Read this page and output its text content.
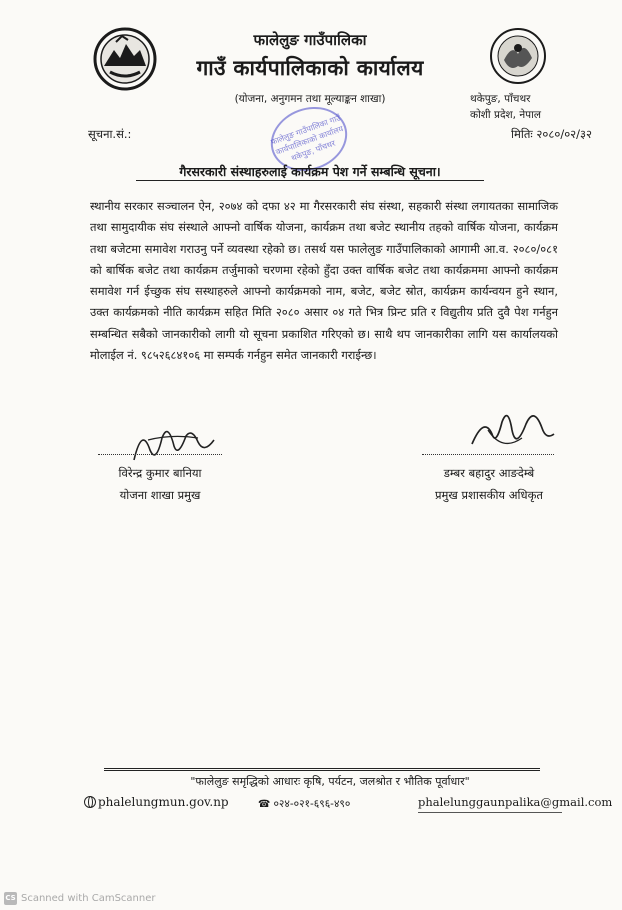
फालेलुङ गाउँपालिका
गाउँ कार्यपालिकाको कार्यालय
(योजना, अनुगमन तथा मूल्याङ्कन शाखा)	थकेपुङ, पाँचथर
कोशी प्रदेश, नेपाल
सूचना.सं.:	मितिः २०८०/०२/३२
फालेलुङ गाउँपालिका गाउँ कार्यपालिकाको कार्यालय थकेपुङ, पाँचथर
गैरसरकारी संस्थाहरुलाई कार्यक्रम पेश गर्ने सम्बन्धि सूचना।
स्थानीय सरकार सञ्चालन ऐन, २०७४ को दफा ४२ मा गैरसरकारी संघ संस्था, सहकारी संस्था लगायतका सामाजिक तथा सामुदायीक संघ संस्थाले आफ्नो वार्षिक योजना, कार्यक्रम तथा बजेट स्थानीय तहको वार्षिक योजना, कार्यक्रम तथा बजेटमा समावेश गराउनु पर्ने व्यवस्था रहेको छ। तसर्थ यस फालेलुङ गाउँपालिकाको आगामी आ.व. २०८०/०८१ को बार्षिक बजेट तथा कार्यक्रम तर्जुमाको चरणमा रहेको हुँदा उक्त वार्षिक बजेट तथा कार्यक्रममा आफ्नो कार्यक्रम समावेश गर्न ईच्छुक संघ सस्थाहरुले आफ्नो कार्यक्रमको नाम, बजेट, बजेट स्रोत, कार्यक्रम कार्यन्वयन हुने स्थान, उक्त कार्यक्रमको नीति कार्यक्रम सहित मिति २०८० असार ०४ गते भित्र प्रिन्ट प्रति र विद्युतीय प्रति दुवै पेश गर्नहुन सम्बन्धित सबैको जानकारीको लागी यो सूचना प्रकाशित गरिएको छ। साथै थप जानकारीका लागि यस कार्यालयको मोलाईल नं. ९८५२६८४१०६ मा सम्पर्क गर्नहुन समेत जानकारी गराईन्छ।
विरेन्द्र कुमार बानिया
योजना शाखा प्रमुख
डम्बर बहादुर आङदेम्बे
प्रमुख प्रशासकीय अधिकृत
"फालेलुङ समृद्धिको आधारः कृषि, पर्यटन, जलश्रोत र भौतिक पूर्वाधार"
phalelungmun.gov.np	☎ ०२४-०२१-६९६-४९०	phalelunggaunpalika@gmail.com
CS Scanned with CamScanner
